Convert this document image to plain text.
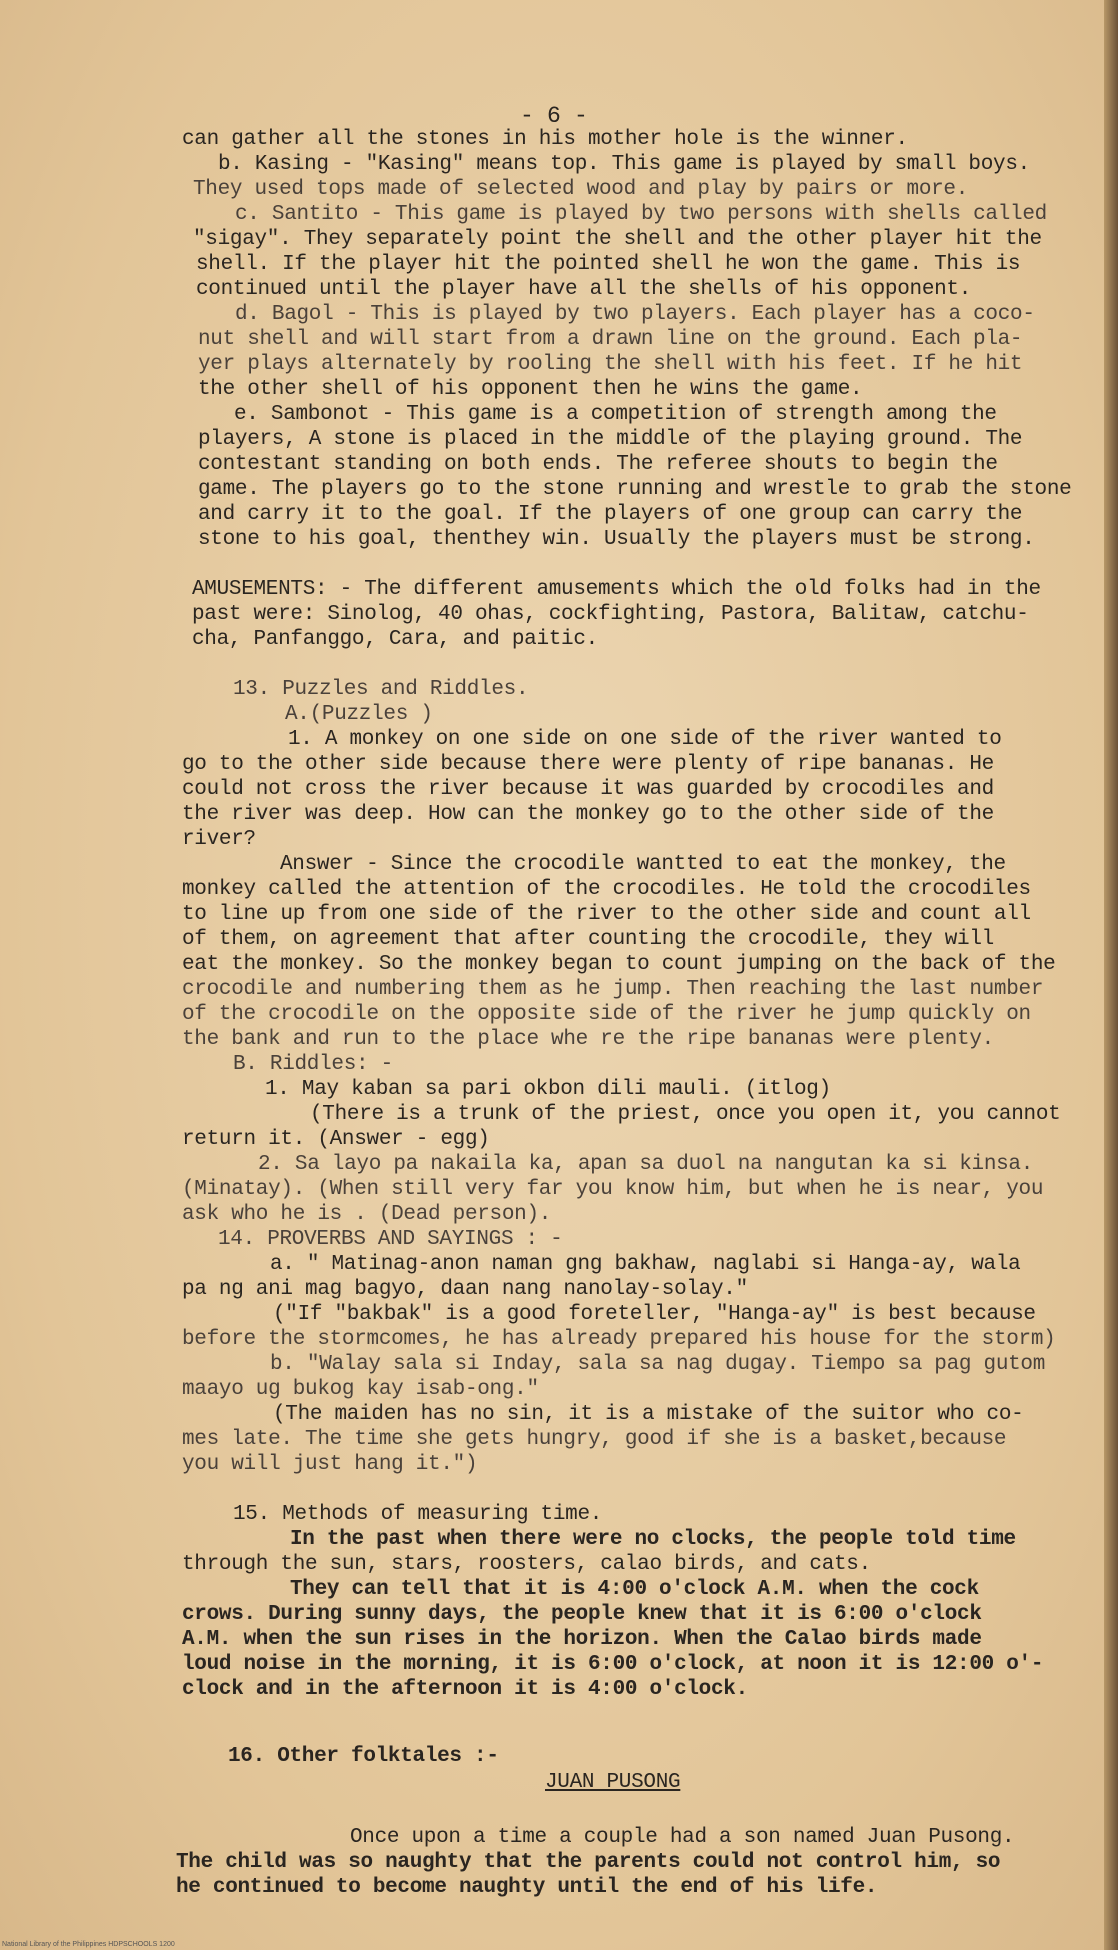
- 6 -
can gather all the stones in his mother hole is the winner.
b. Kasing - "Kasing" means top. This game is played by small boys.
They used tops made of selected wood and play by pairs or more.
c. Santito - This game is played by two persons with shells called
"sigay". They separately point the shell and the other player hit the
shell. If the player hit the pointed shell he won the game. This is
continued until the player have all the shells of his opponent.
d. Bagol - This is played by two players. Each player has a coco-
nut shell and will start from a drawn line on the ground. Each pla-
yer plays alternately by rooling the shell with his feet. If he hit
the other shell of his opponent then he wins the game.
e. Sambonot - This game is a competition of strength among the
players, A stone is placed in the middle of the playing ground. The
contestant standing on both ends. The referee shouts to begin the
game. The players go to the stone running and wrestle to grab the stone
and carry it to the goal. If the players of one group can carry the
stone to his goal, thenthey win. Usually the players must be strong.
AMUSEMENTS: - The different amusements which the old folks had in the
past were: Sinolog, 40 ohas, cockfighting, Pastora, Balitaw, catchu-
cha, Panfanggo, Cara, and paitic.
13. Puzzles and Riddles.
A.(Puzzles )
1. A monkey on one side on one side of the river wanted to
go to the other side because there were plenty of ripe bananas. He
could not cross the river because it was guarded by crocodiles and
the river was deep. How can the monkey go to the other side of the
river?
Answer - Since the crocodile wantted to eat the monkey, the
monkey called the attention of the crocodiles. He told the crocodiles
to line up from one side of the river to the other side and count all
of them, on agreement that after counting the crocodile, they will
eat the monkey. So the monkey began to count jumping on the back of the
crocodile and numbering them as he jump. Then reaching the last number
of the crocodile on the opposite side of the river he jump quickly on
the bank and run to the place whe re the ripe bananas were plenty.
B. Riddles: -
1. May kaban sa pari okbon dili mauli. (itlog)
(There is a trunk of the priest, once you open it, you cannot
return it. (Answer - egg)
2. Sa layo pa nakaila ka, apan sa duol na nangutan ka si kinsa.
(Minatay). (When still very far you know him, but when he is near, you
ask who he is . (Dead person).
14. PROVERBS AND SAYINGS : -
a. " Matinag-anon naman gng bakhaw, naglabi si Hanga-ay, wala
pa ng ani mag bagyo, daan nang nanolay-solay."
("If "bakbak" is a good foreteller, "Hanga-ay" is best because
before the stormcomes, he has already prepared his house for the storm)
b. "Walay sala si Inday, sala sa nag dugay. Tiempo sa pag gutom
maayo ug bukog kay isab-ong."
(The maiden has no sin, it is a mistake of the suitor who co-
mes late. The time she gets hungry, good if she is a basket,because
you will just hang it.")
15. Methods of measuring time.
In the past when there were no clocks, the people told time
through the sun, stars, roosters, calao birds, and cats.
They can tell that it is 4:00 o'clock A.M. when the cock
crows. During sunny days, the people knew that it is 6:00 o'clock
A.M. when the sun rises in the horizon. When the Calao birds made
loud noise in the morning, it is 6:00 o'clock, at noon it is 12:00 o'-
clock and in the afternoon it is 4:00 o'clock.
16. Other folktales :-
JUAN PUSONG
Once upon a time a couple had a son named Juan Pusong.
The child was so naughty that the parents could not control him, so
he continued to become naughty until the end of his life.
National Library of the Philippines HDPSCHOOLS 1200
